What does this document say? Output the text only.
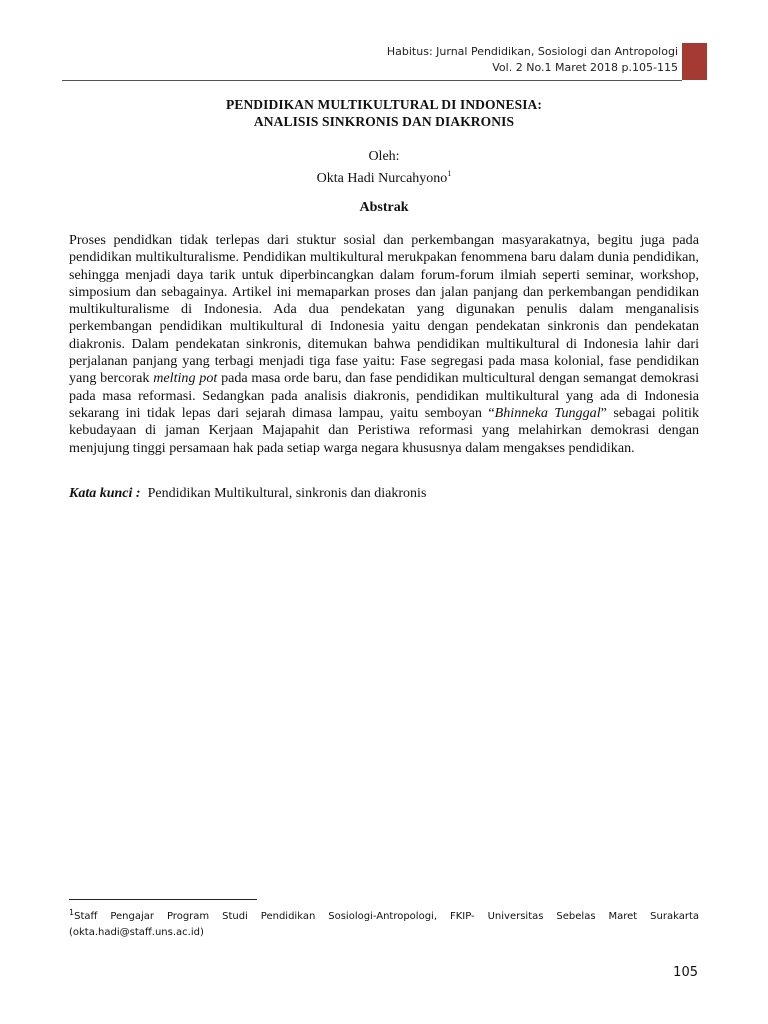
Habitus: Jurnal Pendidikan, Sosiologi dan Antropologi
Vol. 2 No.1 Maret 2018 p.105-115
PENDIDIKAN MULTIKULTURAL DI INDONESIA:
ANALISIS SINKRONIS DAN DIAKRONIS
Oleh:
Okta Hadi Nurcahyono$^1$
Abstrak
Proses pendidkan tidak terlepas dari stuktur sosial dan perkembangan masyarakatnya, begitu juga pada pendidikan multikulturalisme. Pendidikan multikultural merukpakan fenommena baru dalam dunia pendidikan, sehingga menjadi daya tarik untuk diperbincangkan dalam forum-forum ilmiah seperti seminar, workshop, simposium dan sebagainya. Artikel ini memaparkan proses dan jalan panjang dan perkembangan pendidikan multikulturalisme di Indonesia. Ada dua pendekatan yang digunakan penulis dalam menganalisis perkembangan pendidikan multikultural di Indonesia yaitu dengan pendekatan sinkronis dan pendekatan diakronis. Dalam pendekatan sinkronis, ditemukan bahwa pendidikan multikultural di Indonesia lahir dari perjalanan panjang yang terbagi menjadi tiga fase yaitu: Fase segregasi pada masa kolonial, fase pendidikan yang bercorak melting pot pada masa orde baru, dan fase pendidikan multicultural dengan semangat demokrasi pada masa reformasi. Sedangkan pada analisis diakronis, pendidikan multikultural yang ada di Indonesia sekarang ini tidak lepas dari sejarah dimasa lampau, yaitu semboyan “Bhinneka Tunggal” sebagai politik kebudayaan di jaman Kerjaan Majapahit dan Peristiwa reformasi yang melahirkan demokrasi dengan menjujung tinggi persamaan hak pada setiap warga negara khususnya dalam mengakses pendidikan.
Kata kunci : Pendidikan Multikultural, sinkronis dan diakronis
$^1$Staff Pengajar Program Studi Pendidikan Sosiologi-Antropologi, FKIP- Universitas Sebelas Maret Surakarta (okta.hadi@staff.uns.ac.id)
105
